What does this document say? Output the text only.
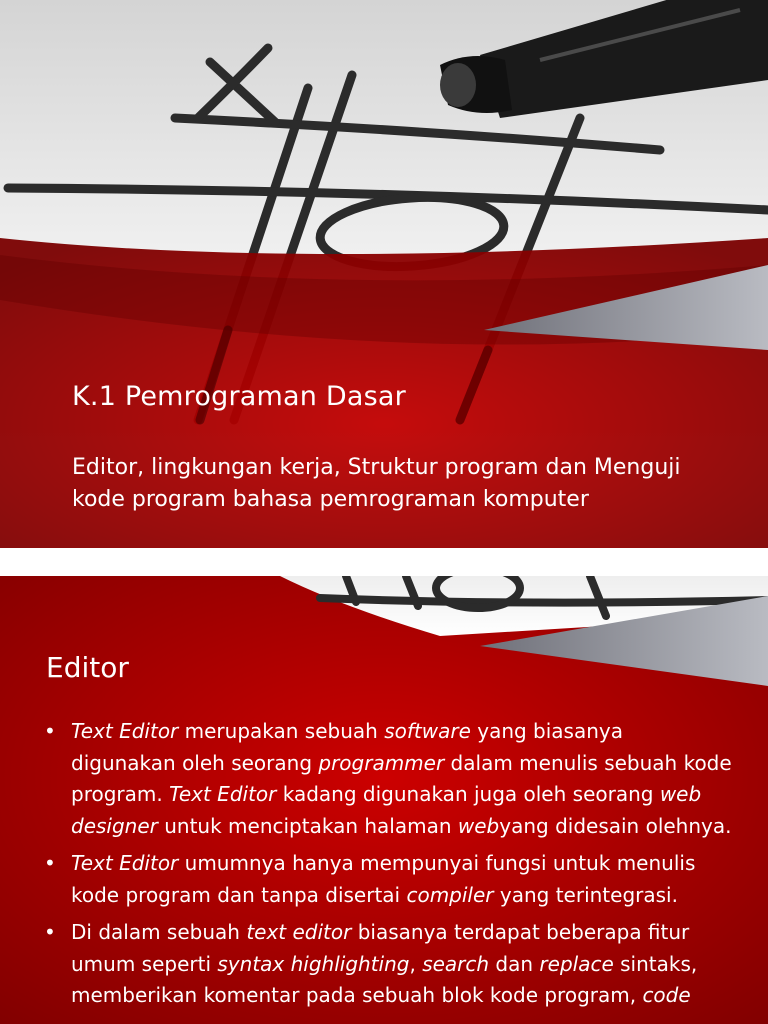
K.1 Pemrograman Dasar

Editor, lingkungan kerja, Struktur program dan Menguji kode program bahasa pemrograman komputer

Editor
• Text Editor merupakan sebuah software yang biasanya digunakan oleh seorang programmer dalam menulis sebuah kode program. Text Editor kadang digunakan juga oleh seorang web designer untuk menciptakan halaman webyang didesain olehnya.
• Text Editor umumnya hanya mempunyai fungsi untuk menulis kode program dan tanpa disertai compiler yang terintegrasi.
• Di dalam sebuah text editor biasanya terdapat beberapa fitur umum seperti syntax highlighting, search dan replace sintaks, memberikan komentar pada sebuah blok kode program, code
